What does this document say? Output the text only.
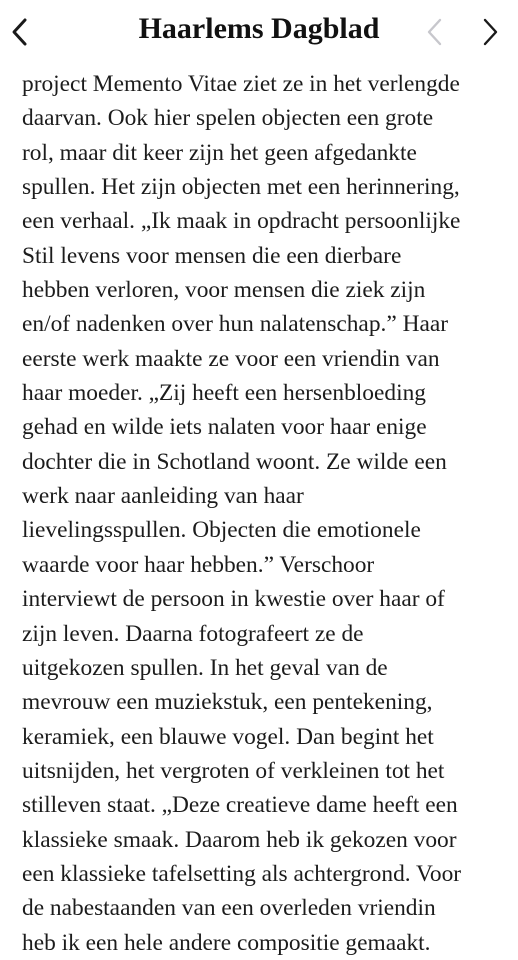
Haarlems Dagblad
project Memento Vitae ziet ze in het verlengde
daarvan. Ook hier spelen objecten een grote
rol, maar dit keer zijn het geen afgedankte
spullen. Het zijn objecten met een herinnering,
een verhaal. „Ik maak in opdracht persoonlijke
Stil levens voor mensen die een dierbare
hebben verloren, voor mensen die ziek zijn
en/of nadenken over hun nalatenschap.” Haar
eerste werk maakte ze voor een vriendin van
haar moeder. „Zij heeft een hersenbloeding
gehad en wilde iets nalaten voor haar enige
dochter die in Schotland woont. Ze wilde een
werk naar aanleiding van haar
lievelingsspullen. Objecten die emotionele
waarde voor haar hebben.” Verschoor
interviewt de persoon in kwestie over haar of
zijn leven. Daarna fotografeert ze de
uitgekozen spullen. In het geval van de
mevrouw een muziekstuk, een pentekening,
keramiek, een blauwe vogel. Dan begint het
uitsnijden, het vergroten of verkleinen tot het
stilleven staat. „Deze creatieve dame heeft een
klassieke smaak. Daarom heb ik gekozen voor
een klassieke tafelsetting als achtergrond. Voor
de nabestaanden van een overleden vriendin
heb ik een hele andere compositie gemaakt.
